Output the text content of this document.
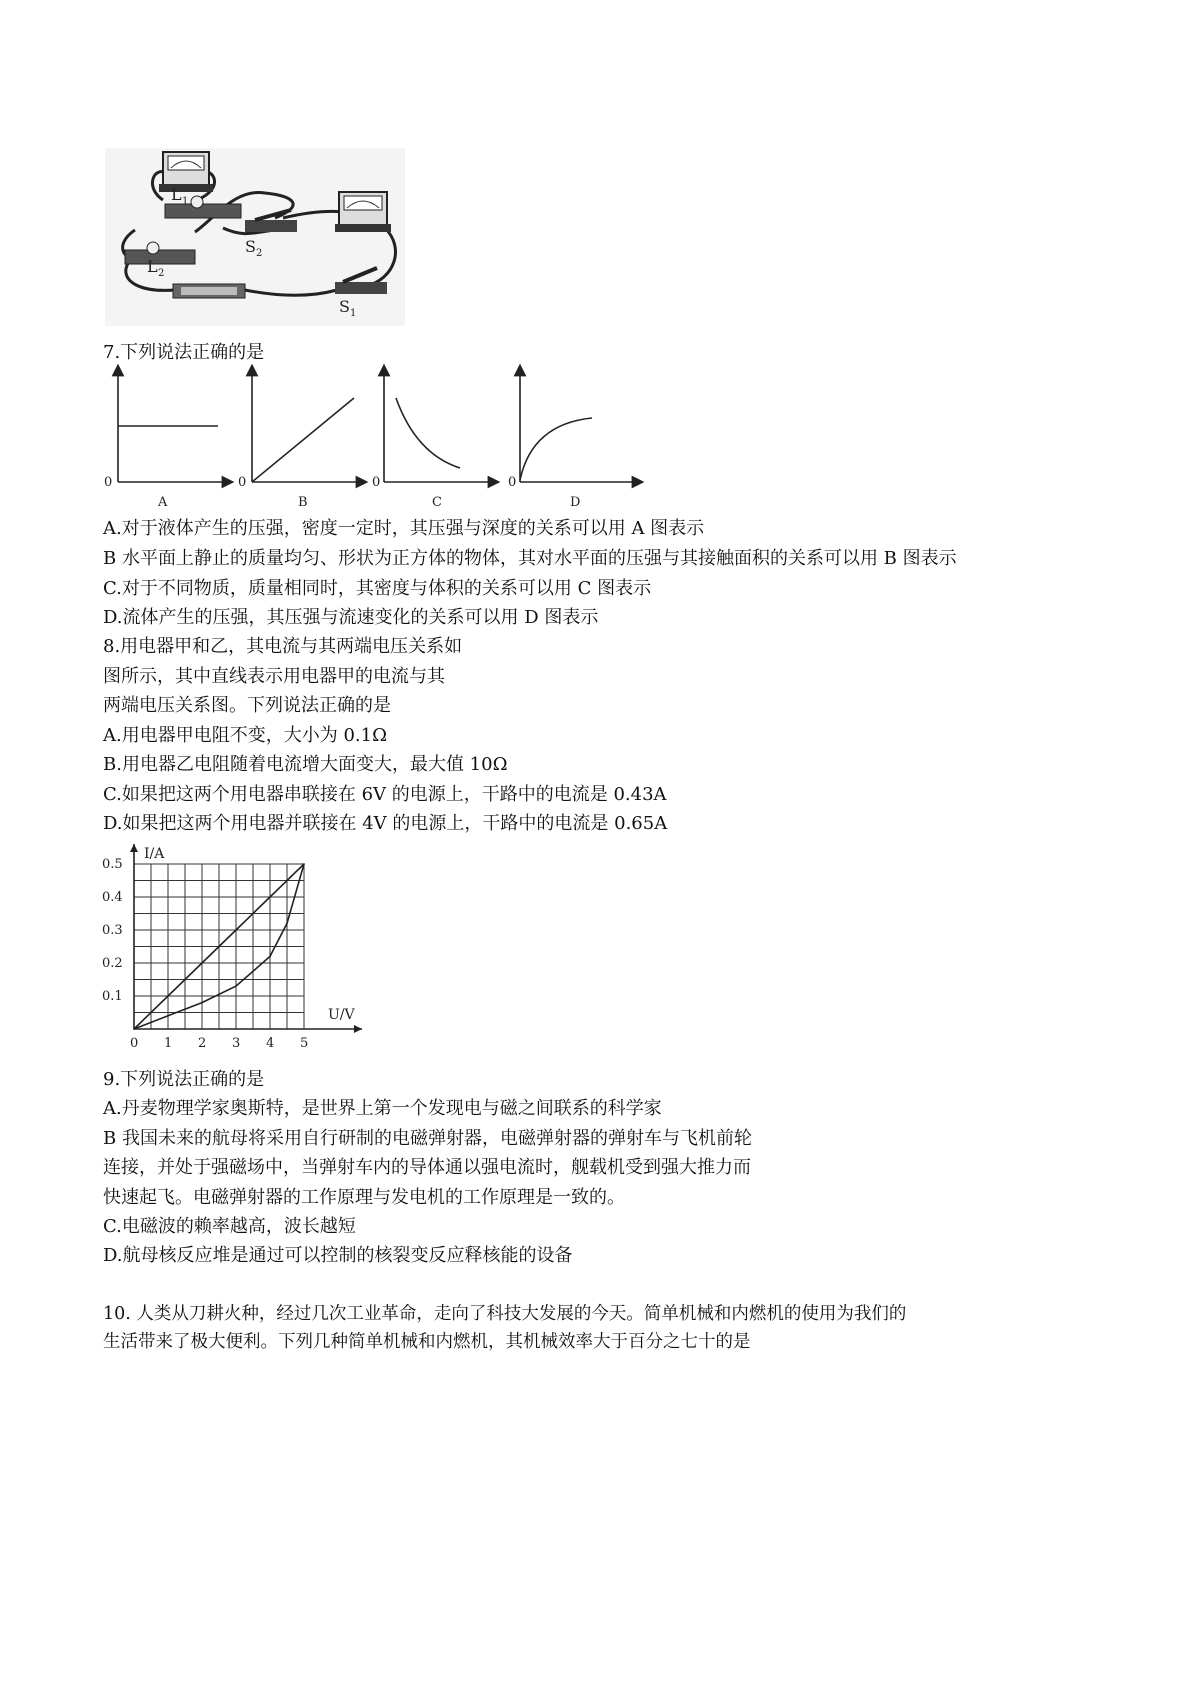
L 1
L 2
S 2
S 1
7.下列说法正确的是
0	0	0	0
A	B	C	D
A.对于液体产生的压强，密度一定时，其压强与深度的关系可以用 A 图表示
B 水平面上静止的质量均匀、形状为正方体的物体，其对水平面的压强与其接触面积的关系可以用 B 图表示
C.对于不同物质，质量相同时，其密度与体积的关系可以用 C 图表示
D.流体产生的压强，其压强与流速变化的关系可以用 D 图表示
8.用电器甲和乙，其电流与其两端电压关系如
图所示，其中直线表示用电器甲的电流与其
两端电压关系图。下列说法正确的是
A.用电器甲电阻不变，大小为 0.1Ω
B.用电器乙电阻随着电流增大面变大，最大值 10Ω
C.如果把这两个用电器串联接在 6V 的电源上，干路中的电流是 0.43A
D.如果把这两个用电器并联接在 4V 的电源上，干路中的电流是 0.65A
0 1 2 3 4 5
0.1
0.2
0.3
0.4
0.5
U/V
I/A
9.下列说法正确的是
A.丹麦物理学家奥斯特，是世界上第一个发现电与磁之间联系的科学家
B 我国未来的航母将采用自行研制的电磁弹射器，电磁弹射器的弹射车与飞机前轮
连接，并处于强磁场中，当弹射车内的导体通以强电流时，舰载机受到强大推力而
快速起飞。电磁弹射器的工作原理与发电机的工作原理是一致的。
C.电磁波的赖率越高，波长越短
D.航母核反应堆是通过可以控制的核裂变反应释核能的设备
10. 人类从刀耕火种，经过几次工业革命，走向了科技大发展的今天。简单机械和内燃机的使用为我们的
生活带来了极大便利。下列几种简单机械和内燃机，其机械效率大于百分之七十的是
